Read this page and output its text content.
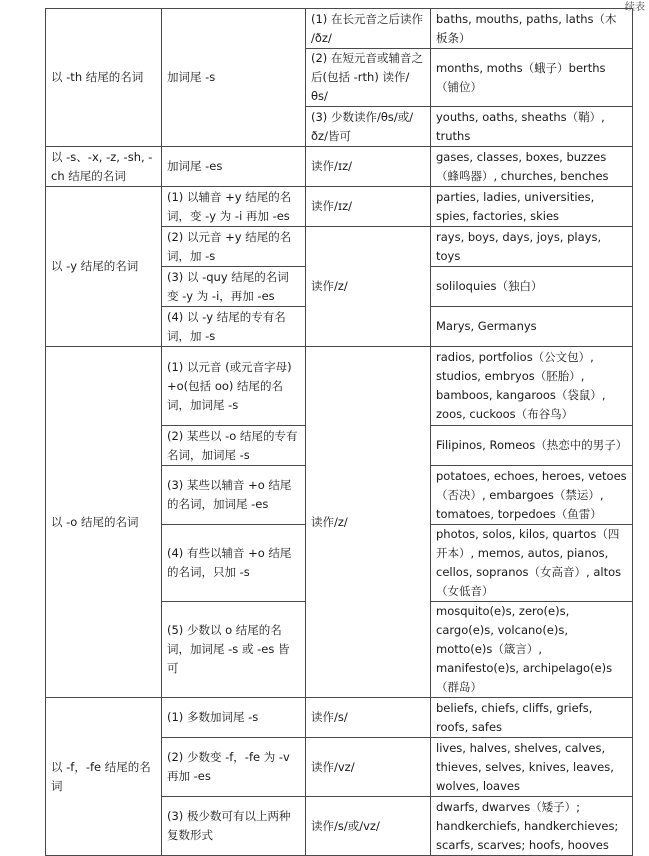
续表
以 -th 结尾的名词	加词尾 -s	(1) 在长元音之后读作 /ðz/	baths, mouths, paths, laths（木板条）
		(2) 在短元音或辅音之后(包括 -rth) 读作/θs/	months, moths（蛾子）berths（铺位）
		(3) 少数读作/θs/或/ðz/皆可	youths, oaths, sheaths（鞘）, truths
以 -s、-x, -z, -sh, -ch 结尾的名词	加词尾 -es	读作/ɪz/	gases, classes, boxes, buzzes（蜂鸣器）, churches, benches
以 -y 结尾的名词	(1) 以辅音 +y 结尾的名词，变 -y 为 -i 再加 -es	读作/ɪz/	parties, ladies, universities, spies, factories, skies
	(2) 以元音 +y 结尾的名词，加 -s	读作/z/	rays, boys, days, joys, plays, toys
	(3) 以 -quy 结尾的名词变 -y 为 -i，再加 -es		soliloquies（独白）
	(4) 以 -y 结尾的专有名词，加 -s		Marys, Germanys
以 -o 结尾的名词	(1) 以元音 (或元音字母) +o(包括 oo) 结尾的名词，加词尾 -s	读作/z/	radios, portfolios（公文包）, studios, embryos（胚胎）, bamboos, kangaroos（袋鼠）, zoos, cuckoos（布谷鸟）
	(2) 某些以 -o 结尾的专有名词，加词尾 -s		Filipinos, Romeos（热恋中的男子）
	(3) 某些以辅音 +o 结尾的名词，加词尾 -es		potatoes, echoes, heroes, vetoes（否决）, embargoes（禁运）, tomatoes, torpedoes（鱼雷）
	(4) 有些以辅音 +o 结尾的名词，只加 -s		photos, solos, kilos, quartos（四开本）, memos, autos, pianos, cellos, sopranos（女高音）, altos（女低音）
	(5) 少数以 o 结尾的名词，加词尾 -s 或 -es 皆可		mosquito(e)s, zero(e)s, cargo(e)s, volcano(e)s, motto(e)s（箴言）, manifesto(e)s, archipelago(e)s（群岛）
以 -f，-fe 结尾的名词	(1) 多数加词尾 -s	读作/s/	beliefs, chiefs, cliffs, griefs, roofs, safes
	(2) 少数变 -f，-fe 为 -v 再加 -es	读作/vz/	lives, halves, shelves, calves, thieves, selves, knives, leaves, wolves, loaves
	(3) 极少数可有以上两种复数形式	读作/s/或/vz/	dwarfs, dwarves（矮子）; handkerchiefs, handkerchieves; scarfs, scarves; hoofs, hooves
